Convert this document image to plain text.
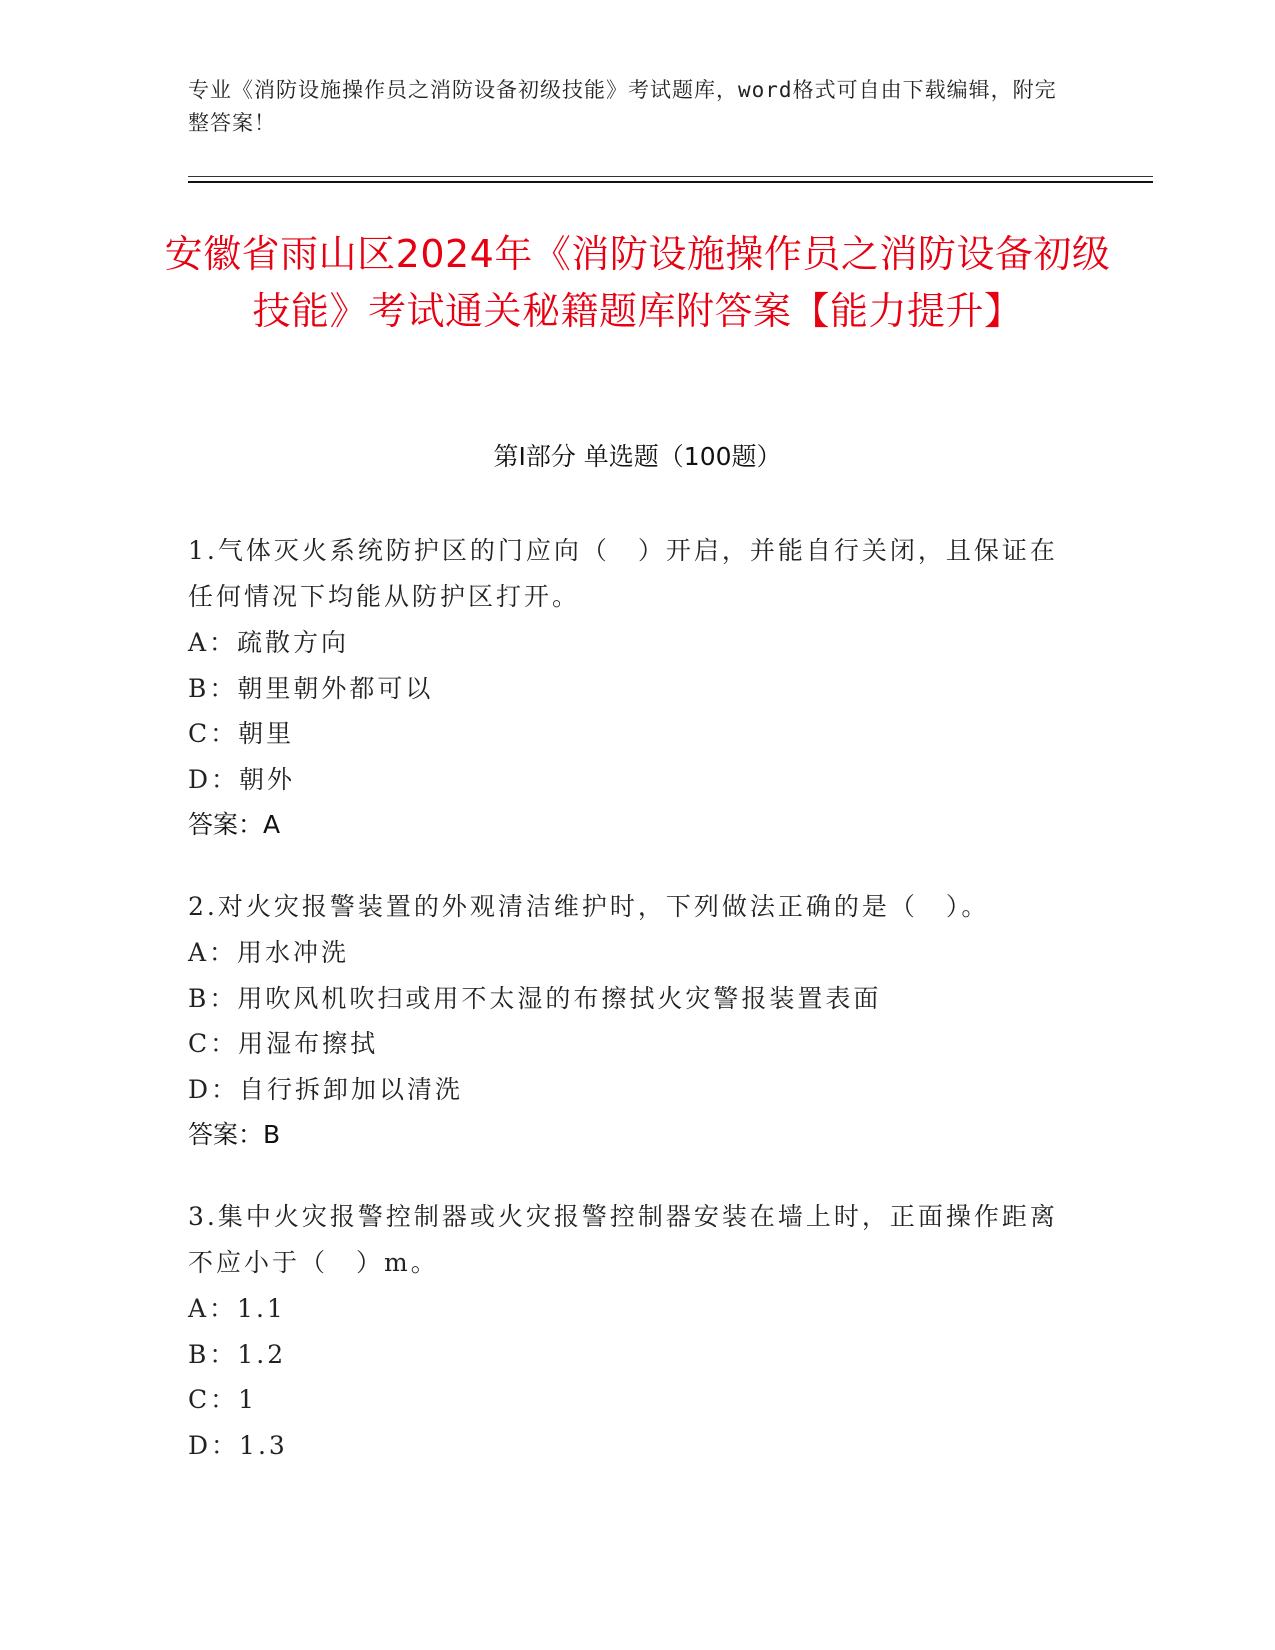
专业《消防设施操作员之消防设备初级技能》考试题库，word格式可自由下载编辑，附完整答案！
安徽省雨山区2024年《消防设施操作员之消防设备初级技能》考试通关秘籍题库附答案【能力提升】
第Ⅰ部分 单选题（100题）
1.气体灭火系统防护区的门应向（　）开启，并能自行关闭，且保证在任何情况下均能从防护区打开。
A：疏散方向
B：朝里朝外都可以
C：朝里
D：朝外
答案：A
2.对火灾报警装置的外观清洁维护时，下列做法正确的是（　）。
A：用水冲洗
B：用吹风机吹扫或用不太湿的布擦拭火灾警报装置表面
C：用湿布擦拭
D：自行拆卸加以清洗
答案：B
3.集中火灾报警控制器或火灾报警控制器安装在墙上时，正面操作距离不应小于（　）m。
A：1.1
B：1.2
C：1
D：1.3
